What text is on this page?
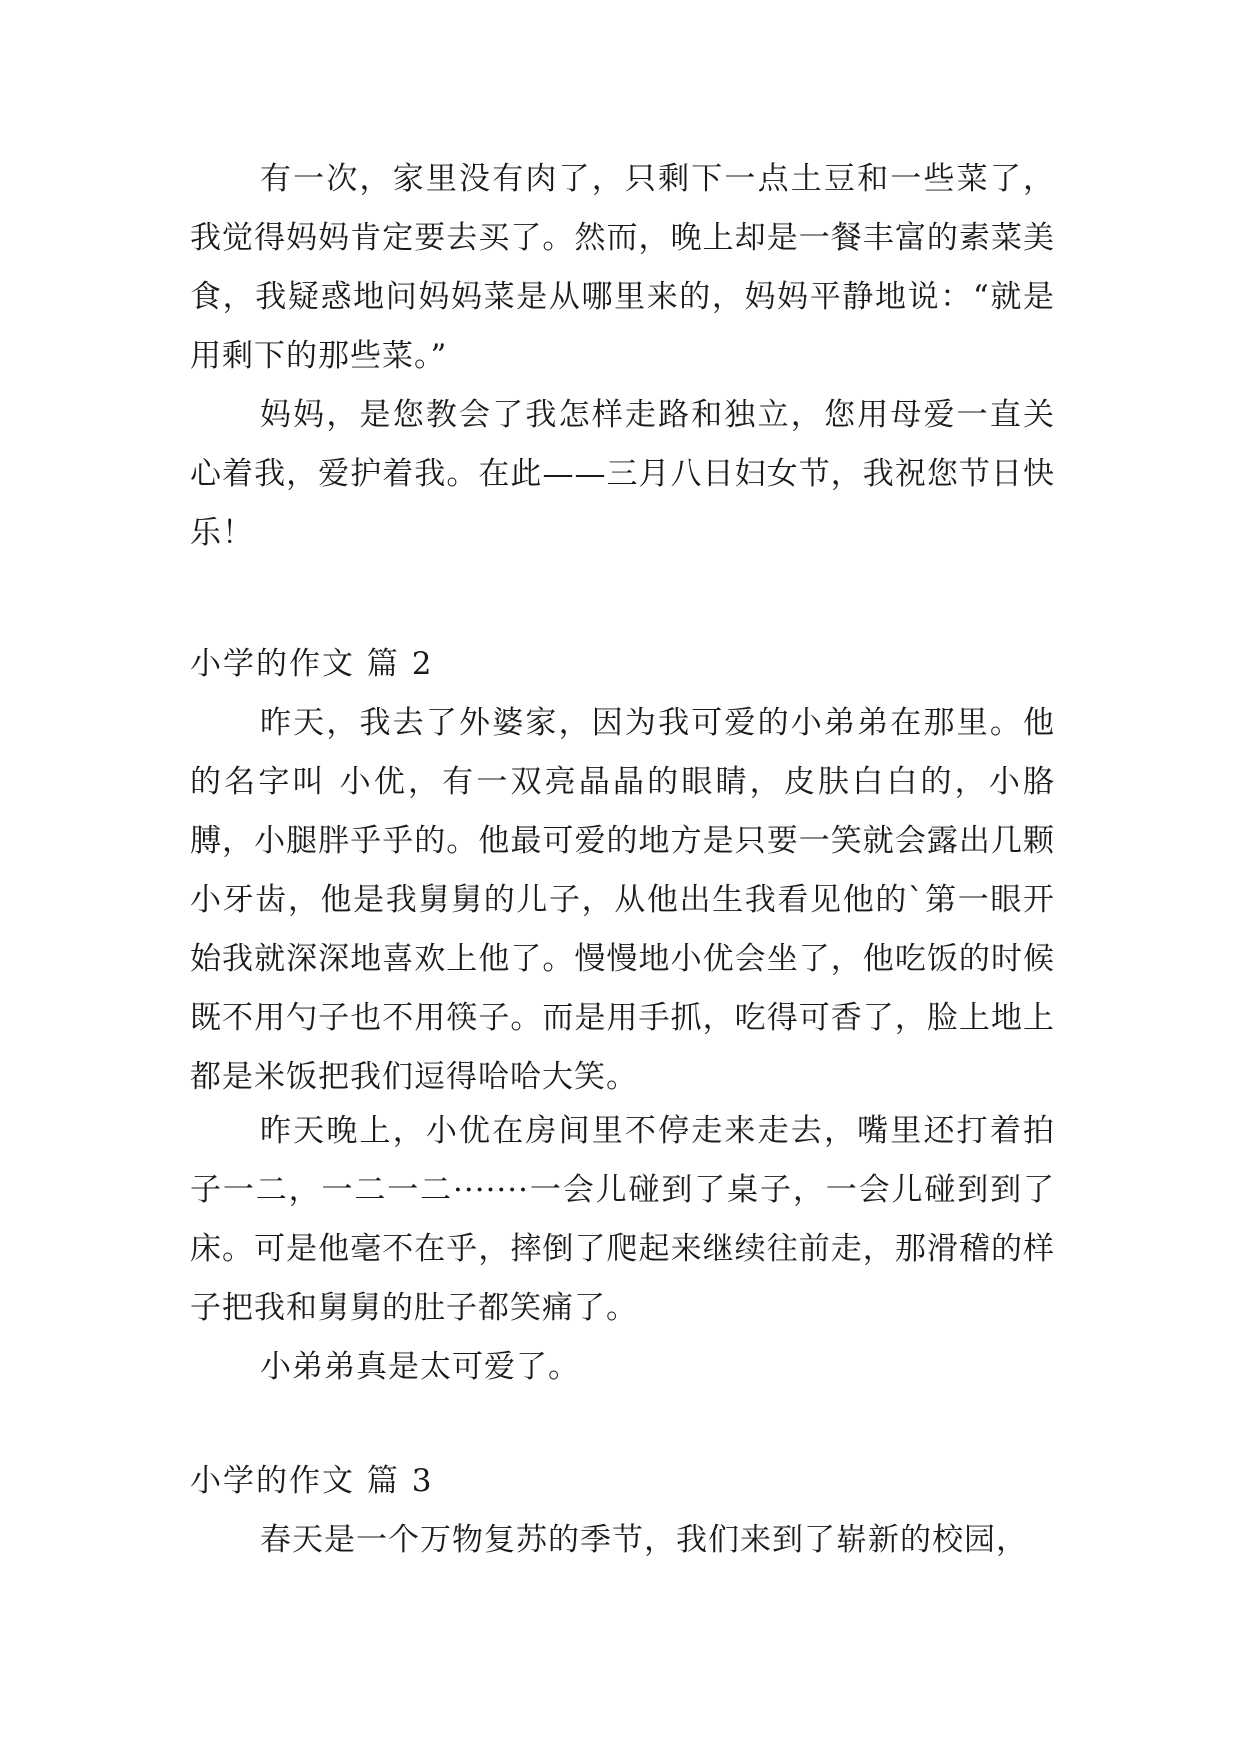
有一次，家里没有肉了，只剩下一点土豆和一些菜了，我觉得妈妈肯定要去买了。然而，晚上却是一餐丰富的素菜美食，我疑惑地问妈妈菜是从哪里来的，妈妈平静地说：“就是用剩下的那些菜。”

妈妈，是您教会了我怎样走路和独立，您用母爱一直关心着我，爱护着我。在此——三月八日妇女节，我祝您节日快乐！

小学的作文 篇 2

昨天，我去了外婆家，因为我可爱的小弟弟在那里。他的名字叫 小优，有一双亮晶晶的眼睛，皮肤白白的，小胳膊，小腿胖乎乎的。他最可爱的地方是只要一笑就会露出几颗小牙齿，他是我舅舅的儿子，从他出生我看见他的`第一眼开始我就深深地喜欢上他了。慢慢地小优会坐了，他吃饭的时候既不用勺子也不用筷子。而是用手抓，吃得可香了，脸上地上都是米饭把我们逗得哈哈大笑。

昨天晚上，小优在房间里不停走来走去，嘴里还打着拍子一二，一二一二·······一会儿碰到了桌子，一会儿碰到到了床。可是他毫不在乎，摔倒了爬起来继续往前走，那滑稽的样子把我和舅舅的肚子都笑痛了。

小弟弟真是太可爱了。

小学的作文 篇 3

春天是一个万物复苏的季节，我们来到了崭新的校园，
